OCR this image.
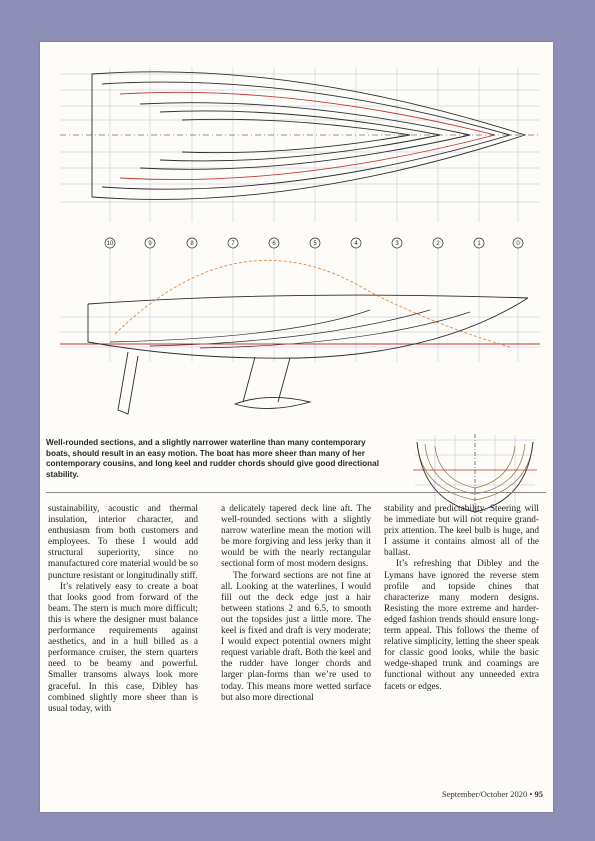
10	9	8	7	6	5	4	3	2	1	0
Well-rounded sections, and a slightly narrower waterline than many contemporary boats, should result in an easy motion. The boat has more sheer than many of her contemporary cousins, and long keel and rudder chords should give good directional stability.

sustainability, acoustic and thermal insulation, interior character, and enthusiasm from both customers and employees. To these I would add structural superiority, since no manufactured core material would be so puncture resistant or longitudinally stiff.

It’s relatively easy to create a boat that looks good from forward of the beam. The stern is much more difficult; this is where the designer must balance performance requirements against aesthetics, and in a hull billed as a performance cruiser, the stern quarters need to be beamy and powerful. Smaller transoms always look more graceful. In this case, Dibley has combined slightly more sheer than is usual today, with

a delicately tapered deck line aft. The well-rounded sections with a slightly narrow waterline mean the motion will be more forgiving and less jerky than it would be with the nearly rectangular sectional form of most modern designs.

The forward sections are not fine at all. Looking at the waterlines, I would fill out the deck edge just a hair between stations 2 and 6.5, to smooth out the topsides just a little more. The keel is fixed and draft is very moderate; I would expect potential owners might request variable draft. Both the keel and the rudder have longer chords and larger plan-forms than we’re used to today. This means more wetted surface but also more directional

stability and predictability. Steering will be immediate but will not require grand-prix attention. The keel bulb is huge, and I assume it contains almost all of the ballast.

It’s refreshing that Dibley and the Lymans have ignored the reverse stem profile and topside chines that characterize many modern designs. Resisting the more extreme and harder-edged fashion trends should ensure long-term appeal. This follows the theme of relative simplicity, letting the sheer speak for classic good looks, while the basic wedge-shaped trunk and coamings are functional without any unneeded extra facets or edges.

September/October 2020 • 95
